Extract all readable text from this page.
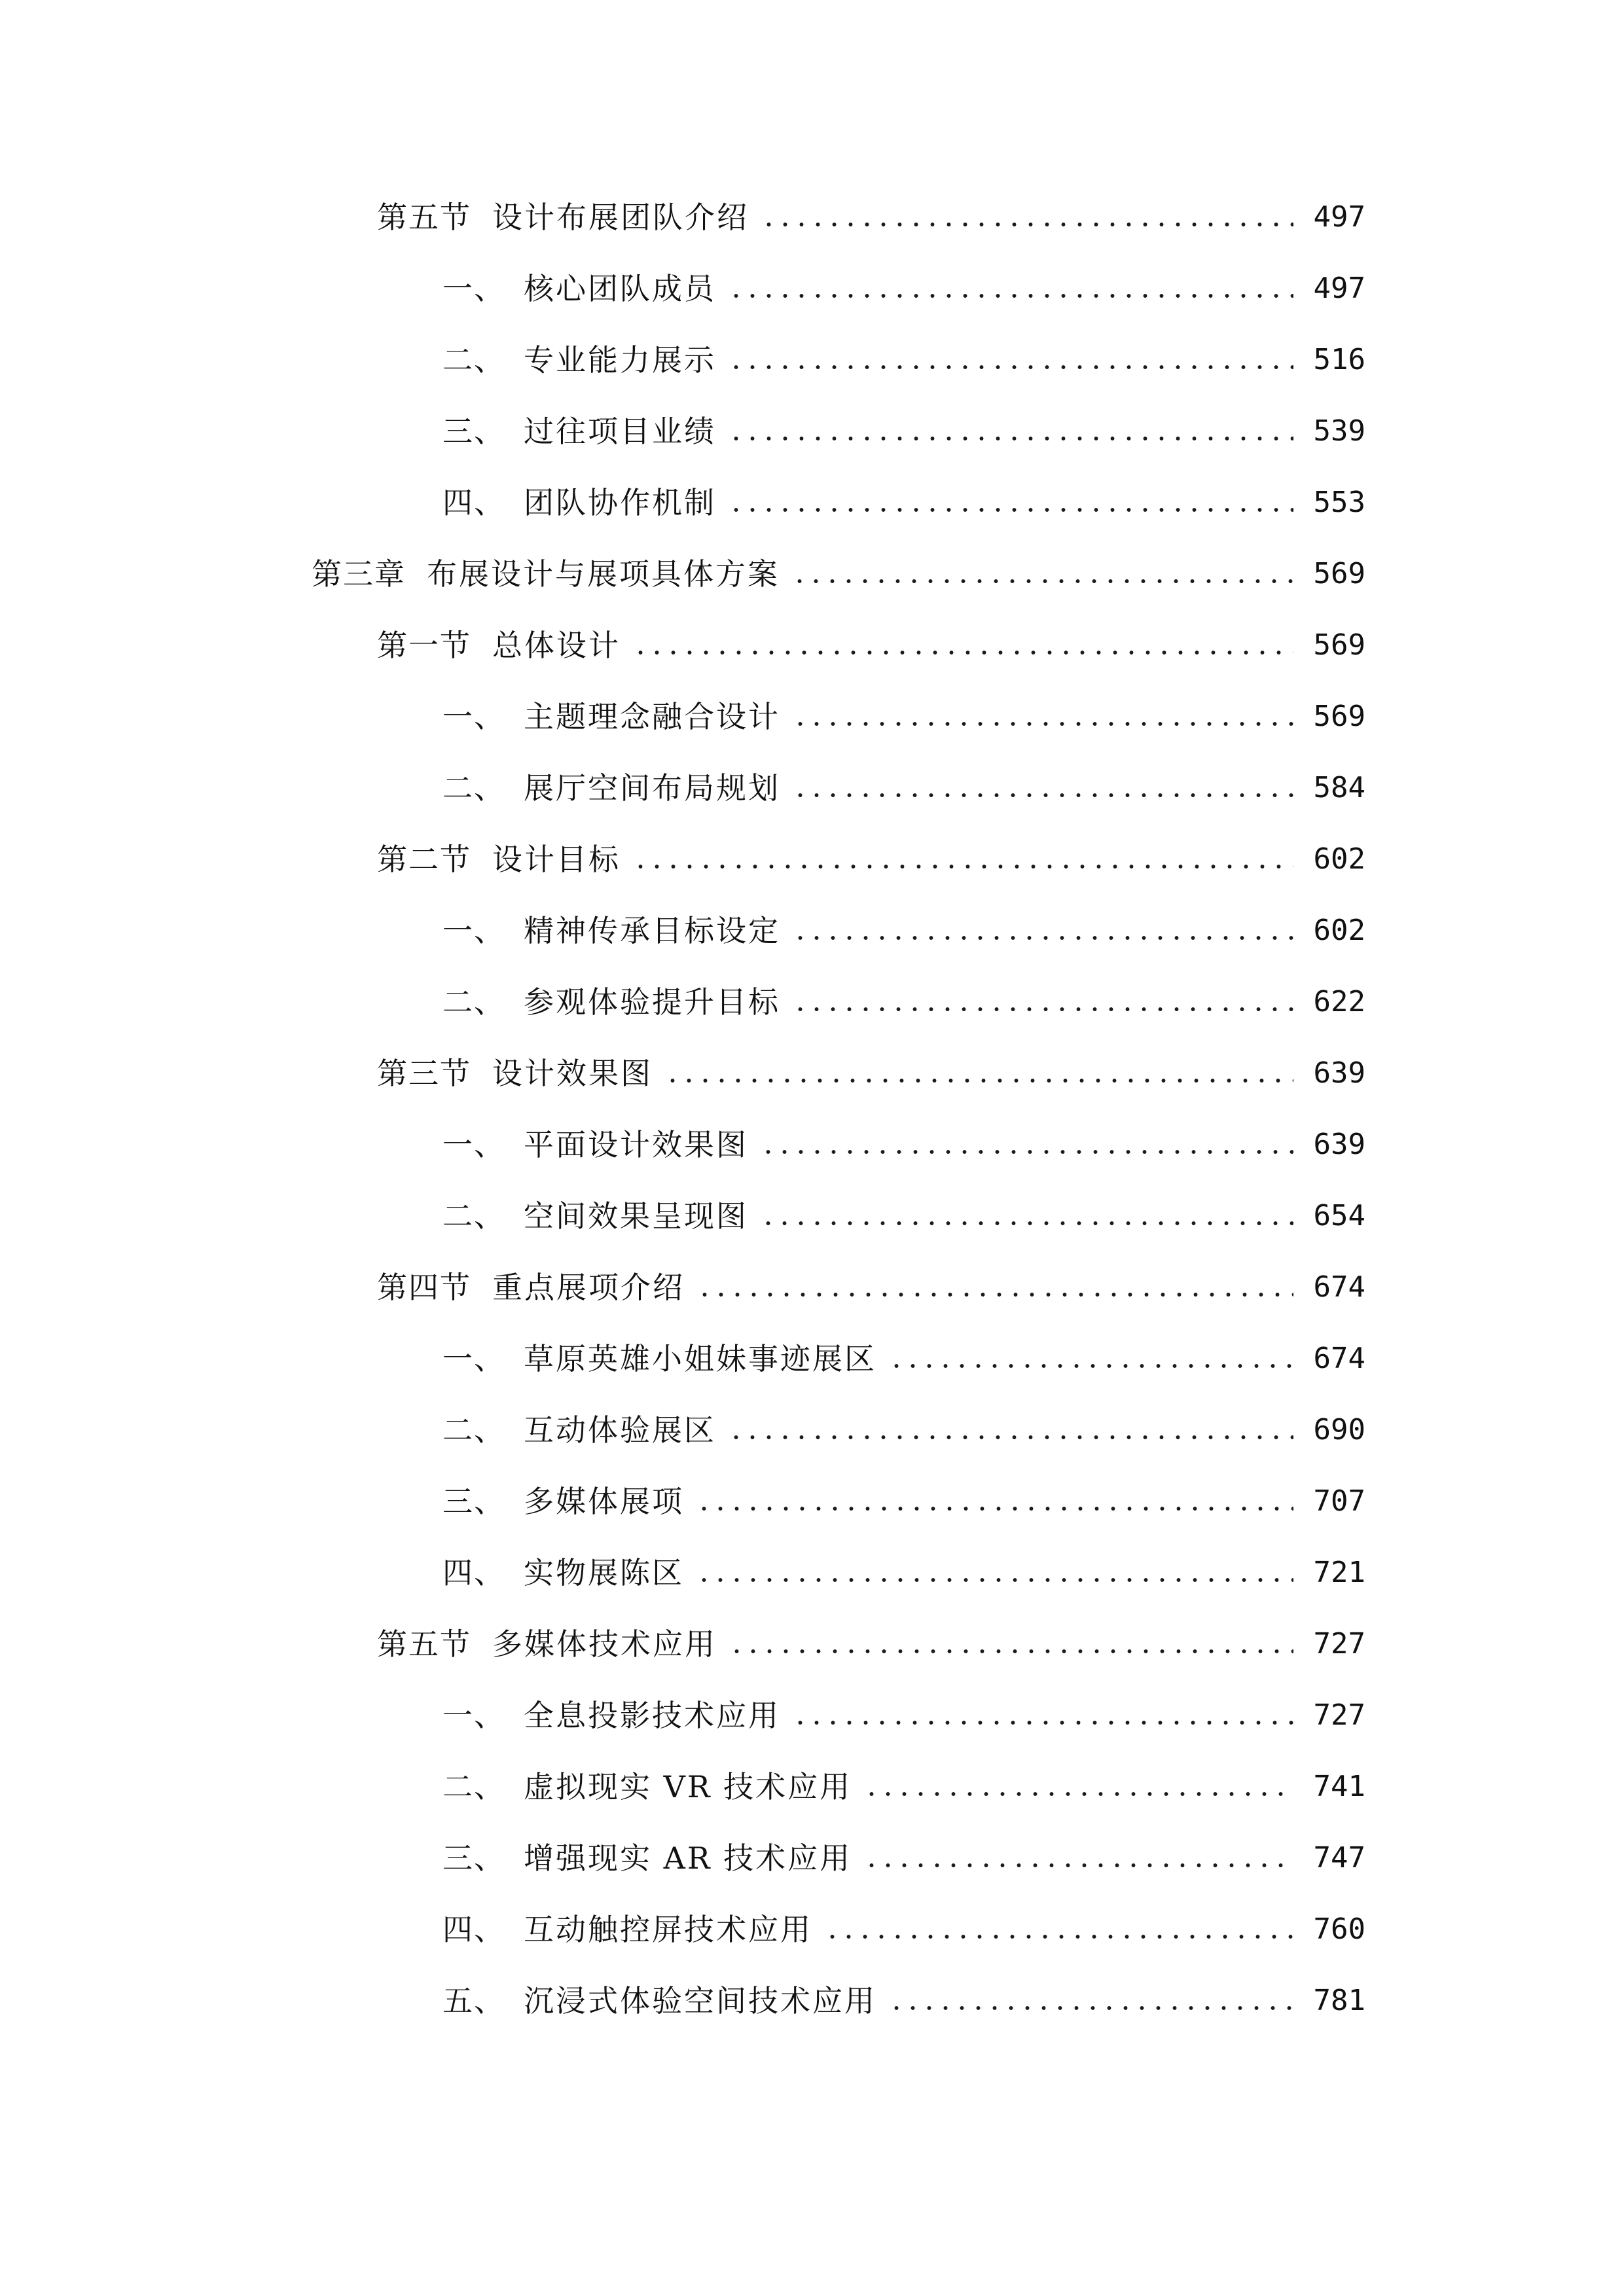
第五节 设计布展团队介绍	497
一、 核心团队成员	497
二、 专业能力展示	516
三、 过往项目业绩	539
四、 团队协作机制	553
第三章 布展设计与展项具体方案	569
第一节 总体设计	569
一、 主题理念融合设计	569
二、 展厅空间布局规划	584
第二节 设计目标	602
一、 精神传承目标设定	602
二、 参观体验提升目标	622
第三节 设计效果图	639
一、 平面设计效果图	639
二、 空间效果呈现图	654
第四节 重点展项介绍	674
一、 草原英雄小姐妹事迹展区	674
二、 互动体验展区	690
三、 多媒体展项	707
四、 实物展陈区	721
第五节 多媒体技术应用	727
一、 全息投影技术应用	727
二、 虚拟现实 VR 技术应用	741
三、 增强现实 AR 技术应用	747
四、 互动触控屏技术应用	760
五、 沉浸式体验空间技术应用	781
